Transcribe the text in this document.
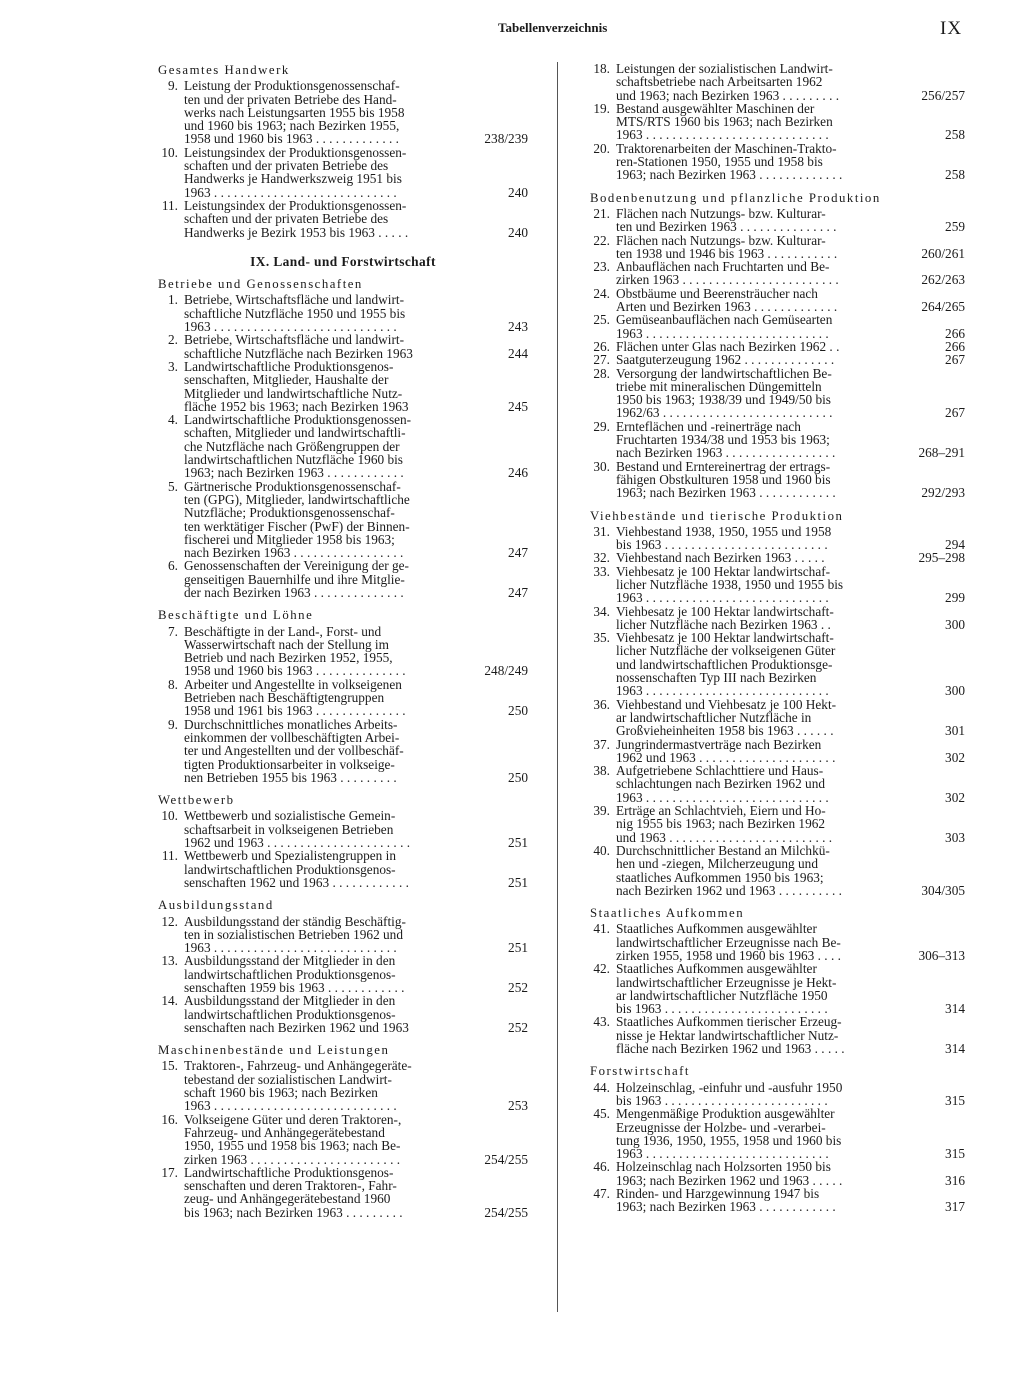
Tabellenverzeichnis	IX
Gesamtes Handwerk
9. Leistung der Produktionsgenossenschaf-
ten und der privaten Betriebe des Hand-
werks nach Leistungsarten 1955 bis 1958
und 1960 bis 1963; nach Bezirken 1955,
1958 und 1960 bis 1963 . . . . . . . . . . . . .	238/239
10. Leistungsindex der Produktionsgenossen-
schaften und der privaten Betriebe des
Handwerks je Handwerkszweig 1951 bis
1963 . . . . . . . . . . . . . . . . . . . . . . . . . . . .	240
11. Leistungsindex der Produktionsgenossen-
schaften und der privaten Betriebe des
Handwerks je Bezirk 1953 bis 1963 . . . . .	240
IX. Land- und Forstwirtschaft
Betriebe und Genossenschaften
1. Betriebe, Wirtschaftsfläche und landwirt-
schaftliche Nutzfläche 1950 und 1955 bis
1963 . . . . . . . . . . . . . . . . . . . . . . . . . . . .	243
2. Betriebe, Wirtschaftsfläche und landwirt-
schaftliche Nutzfläche nach Bezirken 1963	244
3. Landwirtschaftliche Produktionsgenos-
senschaften, Mitglieder, Haushalte der
Mitglieder und landwirtschaftliche Nutz-
fläche 1952 bis 1963; nach Bezirken 1963	245
4. Landwirtschaftliche Produktionsgenossen-
schaften, Mitglieder und landwirtschaftli-
che Nutzfläche nach Größengruppen der
landwirtschaftlichen Nutzfläche 1960 bis
1963; nach Bezirken 1963 . . . . . . . . . . . .	246
5. Gärtnerische Produktionsgenossenschaf-
ten (GPG), Mitglieder, landwirtschaftliche
Nutzfläche; Produktionsgenossenschaf-
ten werktätiger Fischer (PwF) der Binnen-
fischerei und Mitglieder 1958 bis 1963;
nach Bezirken 1963 . . . . . . . . . . . . . . . . .	247
6. Genossenschaften der Vereinigung der ge-
genseitigen Bauernhilfe und ihre Mitglie-
der nach Bezirken 1963 . . . . . . . . . . . . . .	247
Beschäftigte und Löhne
7. Beschäftigte in der Land-, Forst- und
Wasserwirtschaft nach der Stellung im
Betrieb und nach Bezirken 1952, 1955,
1958 und 1960 bis 1963 . . . . . . . . . . . . . .	248/249
8. Arbeiter und Angestellte in volkseigenen
Betrieben nach Beschäftigtengruppen
1958 und 1961 bis 1963 . . . . . . . . . . . . . .	250
9. Durchschnittliches monatliches Arbeits-
einkommen der vollbeschäftigten Arbei-
ter und Angestellten und der vollbeschäf-
tigten Produktionsarbeiter in volkseige-
nen Betrieben 1955 bis 1963 . . . . . . . . .	250
Wettbewerb
10. Wettbewerb und sozialistische Gemein-
schaftsarbeit in volkseigenen Betrieben
1962 und 1963 . . . . . . . . . . . . . . . . . . . . . .	251
11. Wettbewerb und Spezialistengruppen in
landwirtschaftlichen Produktionsgenos-
senschaften 1962 und 1963 . . . . . . . . . . . .	251
Ausbildungsstand
12. Ausbildungsstand der ständig Beschäftig-
ten in sozialistischen Betrieben 1962 und
1963 . . . . . . . . . . . . . . . . . . . . . . . . . . . .	251
13. Ausbildungsstand der Mitglieder in den
landwirtschaftlichen Produktionsgenos-
senschaften 1959 bis 1963 . . . . . . . . . . . .	252
14. Ausbildungsstand der Mitglieder in den
landwirtschaftlichen Produktionsgenos-
senschaften nach Bezirken 1962 und 1963	252
Maschinenbestände und Leistungen
15. Traktoren-, Fahrzeug- und Anhängegeräte-
tebestand der sozialistischen Landwirt-
schaft 1960 bis 1963; nach Bezirken
1963 . . . . . . . . . . . . . . . . . . . . . . . . . . . .	253
16. Volkseigene Güter und deren Traktoren-,
Fahrzeug- und Anhängegerätebestand
1950, 1955 und 1958 bis 1963; nach Be-
zirken 1963 . . . . . . . . . . . . . . . . . . . . . . .	254/255
17. Landwirtschaftliche Produktionsgenos-
senschaften und deren Traktoren-, Fahr-
zeug- und Anhängegerätebestand 1960
bis 1963; nach Bezirken 1963 . . . . . . . . .	254/255
18. Leistungen der sozialistischen Landwirt-
schaftsbetriebe nach Arbeitsarten 1962
und 1963; nach Bezirken 1963 . . . . . . . . .	256/257
19. Bestand ausgewählter Maschinen der
MTS/RTS 1960 bis 1963; nach Bezirken
1963 . . . . . . . . . . . . . . . . . . . . . . . . . . . .	258
20. Traktorenarbeiten der Maschinen-Trakto-
ren-Stationen 1950, 1955 und 1958 bis
1963; nach Bezirken 1963 . . . . . . . . . . . . .	258
Bodenbenutzung und pflanzliche Produktion
21. Flächen nach Nutzungs- bzw. Kulturar-
ten und Bezirken 1963 . . . . . . . . . . . . . . .	259
22. Flächen nach Nutzungs- bzw. Kulturar-
ten 1938 und 1946 bis 1963 . . . . . . . . . . .	260/261
23. Anbauflächen nach Fruchtarten und Be-
zirken 1963 . . . . . . . . . . . . . . . . . . . . . . . .	262/263
24. Obstbäume und Beerensträucher nach
Arten und Bezirken 1963 . . . . . . . . . . . . .	264/265
25. Gemüseanbauflächen nach Gemüsearten
1963 . . . . . . . . . . . . . . . . . . . . . . . . . . . .	266
26. Flächen unter Glas nach Bezirken 1962 . .	266
27. Saatguterzeugung 1962 . . . . . . . . . . . . . .	267
28. Versorgung der landwirtschaftlichen Be-
triebe mit mineralischen Düngemitteln
1950 bis 1963; 1938/39 und 1949/50 bis
1962/63 . . . . . . . . . . . . . . . . . . . . . . . . . .	267
29. Ernteflächen und -reinerträge nach
Fruchtarten 1934/38 und 1953 bis 1963;
nach Bezirken 1963 . . . . . . . . . . . . . . . . .	268–291
30. Bestand und Erntereinertrag der ertrags-
fähigen Obstkulturen 1958 und 1960 bis
1963; nach Bezirken 1963 . . . . . . . . . . . .	292/293
Viehbestände und tierische Produktion
31. Viehbestand 1938, 1950, 1955 und 1958
bis 1963 . . . . . . . . . . . . . . . . . . . . . . . . .	294
32. Viehbestand nach Bezirken 1963 . . . . .	295–298
33. Viehbesatz je 100 Hektar landwirtschaf-
licher Nutzfläche 1938, 1950 und 1955 bis
1963 . . . . . . . . . . . . . . . . . . . . . . . . . . . .	299
34. Viehbesatz je 100 Hektar landwirtschaft-
licher Nutzfläche nach Bezirken 1963 . .	300
35. Viehbesatz je 100 Hektar landwirtschaft-
licher Nutzfläche der volkseigenen Güter
und landwirtschaftlichen Produktionsge-
nossenschaften Typ III nach Bezirken
1963 . . . . . . . . . . . . . . . . . . . . . . . . . . . .	300
36. Viehbestand und Viehbesatz je 100 Hekt-
ar landwirtschaftlicher Nutzfläche in
Großvieheinheiten 1958 bis 1963 . . . . . .	301
37. Jungrindermastverträge nach Bezirken
1962 und 1963 . . . . . . . . . . . . . . . . . . . . .	302
38. Aufgetriebene Schlachttiere und Haus-
schlachtungen nach Bezirken 1962 und
1963 . . . . . . . . . . . . . . . . . . . . . . . . . . . .	302
39. Erträge an Schlachtvieh, Eiern und Ho-
nig 1955 bis 1963; nach Bezirken 1962
und 1963 . . . . . . . . . . . . . . . . . . . . . . . . .	303
40. Durchschnittlicher Bestand an Milchkü-
hen und -ziegen, Milcherzeugung und
staatliches Aufkommen 1950 bis 1963;
nach Bezirken 1962 und 1963 . . . . . . . . . .	304/305
Staatliches Aufkommen
41. Staatliches Aufkommen ausgewählter
landwirtschaftlicher Erzeugnisse nach Be-
zirken 1955, 1958 und 1960 bis 1963 . . . .	306–313
42. Staatliches Aufkommen ausgewählter
landwirtschaftlicher Erzeugnisse je Hekt-
ar landwirtschaftlicher Nutzfläche 1950
bis 1963 . . . . . . . . . . . . . . . . . . . . . . . . .	314
43. Staatliches Aufkommen tierischer Erzeug-
nisse je Hektar landwirtschaftlicher Nutz-
fläche nach Bezirken 1962 und 1963 . . . . .	314
Forstwirtschaft
44. Holzeinschlag, -einfuhr und -ausfuhr 1950
bis 1963 . . . . . . . . . . . . . . . . . . . . . . . . .	315
45. Mengenmäßige Produktion ausgewählter
Erzeugnisse der Holzbe- und -verarbei-
tung 1936, 1950, 1955, 1958 und 1960 bis
1963 . . . . . . . . . . . . . . . . . . . . . . . . . . . .	315
46. Holzeinschlag nach Holzsorten 1950 bis
1963; nach Bezirken 1962 und 1963 . . . . .	316
47. Rinden- und Harzgewinnung 1947 bis
1963; nach Bezirken 1963 . . . . . . . . . . . .	317
